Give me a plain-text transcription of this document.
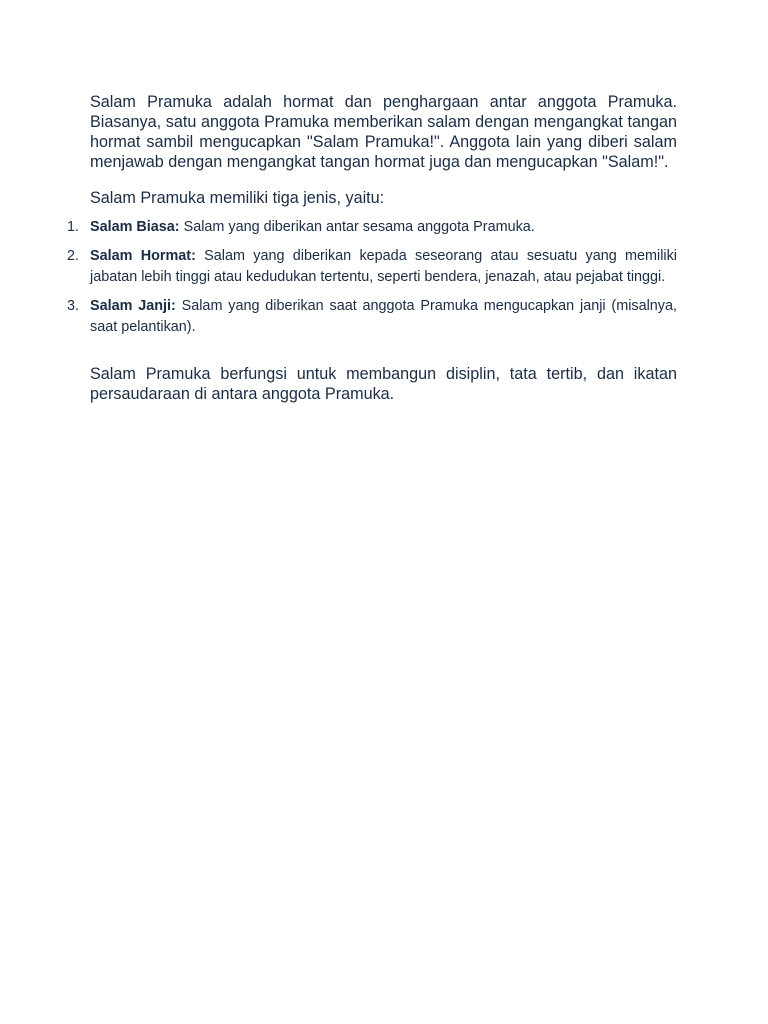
Salam Pramuka adalah hormat dan penghargaan antar anggota Pramuka. Biasanya, satu anggota Pramuka memberikan salam dengan mengangkat tangan hormat sambil mengucapkan "Salam Pramuka!". Anggota lain yang diberi salam menjawab dengan mengangkat tangan hormat juga dan mengucapkan "Salam!".

Salam Pramuka memiliki tiga jenis, yaitu:

1. Salam Biasa: Salam yang diberikan antar sesama anggota Pramuka.
2. Salam Hormat: Salam yang diberikan kepada seseorang atau sesuatu yang memiliki jabatan lebih tinggi atau kedudukan tertentu, seperti bendera, jenazah, atau pejabat tinggi.
3. Salam Janji: Salam yang diberikan saat anggota Pramuka mengucapkan janji (misalnya, saat pelantikan).

Salam Pramuka berfungsi untuk membangun disiplin, tata tertib, dan ikatan persaudaraan di antara anggota Pramuka.
